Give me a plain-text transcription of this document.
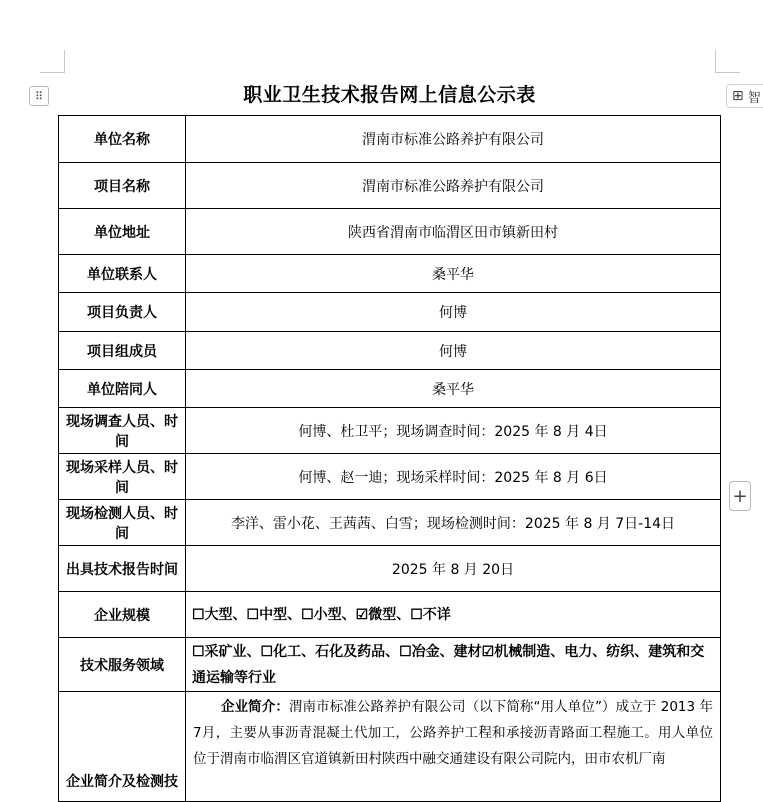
⠿	⊞ 智
+
职业卫生技术报告网上信息公示表
单位名称	渭南市标准公路养护有限公司
项目名称	渭南市标准公路养护有限公司
单位地址	陕西省渭南市临渭区田市镇新田村
单位联系人	桑平华
项目负责人	何博
项目组成员	何博
单位陪同人	桑平华
现场调查人员、时间	何博、杜卫平；现场调查时间：2025 年 8 月 4日
现场采样人员、时间	何博、赵一迪；现场采样时间：2025 年 8 月 6日
现场检测人员、时间	李洋、雷小花、王茜茜、白雪；现场检测时间：2025 年 8 月 7日-14日
出具技术报告时间	2025 年 8 月 20日
企业规模	☐大型、☐中型、☐小型、☑微型、☐不详
技术服务领域	☐采矿业、☐化工、石化及药品、☐冶金、建材☑机械制造、电力、纺织、建筑和交通运输等行业
企业简介及检测技	企业简介：渭南市标准公路养护有限公司（以下简称“用人单位”）成立于 2013 年 7月，主要从事沥青混凝土代加工，公路养护工程和承接沥青路面工程施工。用人单位位于渭南市临渭区官道镇新田村陕西中融交通建设有限公司院内，田市农机厂南
